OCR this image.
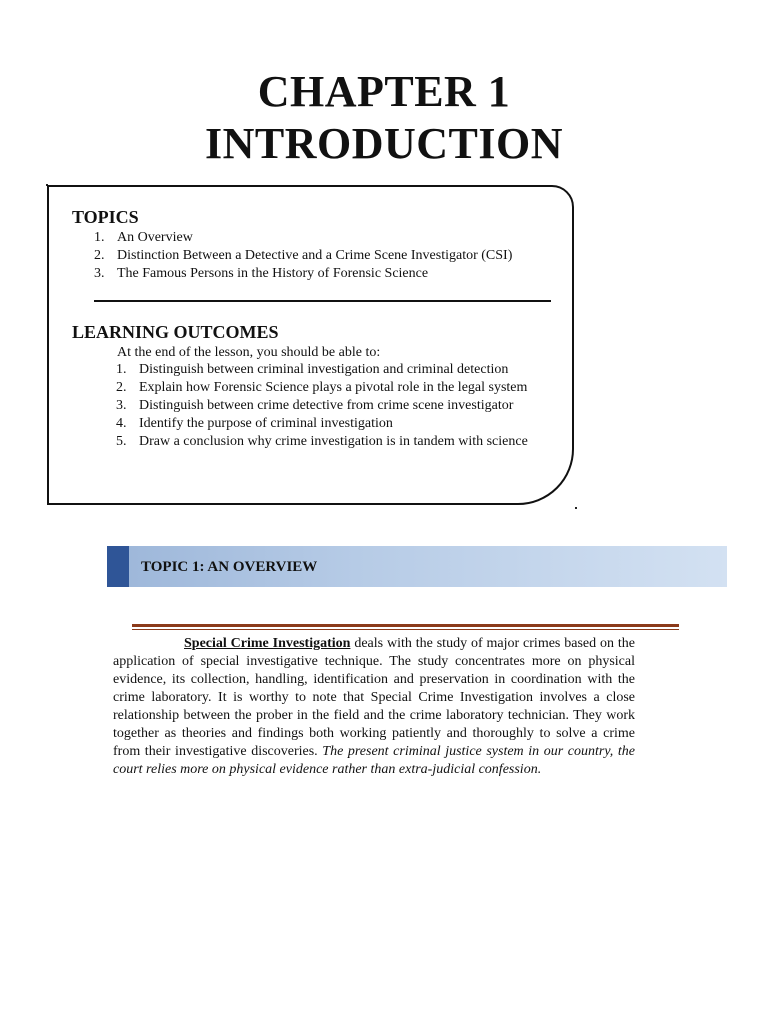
CHAPTER 1
INTRODUCTION
TOPICS
1. An Overview
2. Distinction Between a Detective and a Crime Scene Investigator (CSI)
3. The Famous Persons in the History of Forensic Science
LEARNING OUTCOMES
At the end of the lesson, you should be able to:
1. Distinguish between criminal investigation and criminal detection
2. Explain how Forensic Science plays a pivotal role in the legal system
3. Distinguish between crime detective from crime scene investigator
4. Identify the purpose of criminal investigation
5. Draw a conclusion why crime investigation is in tandem with science
TOPIC 1: AN OVERVIEW

Special Crime Investigation deals with the study of major crimes based on the application of special investigative technique. The study concentrates more on physical evidence, its collection, handling, identification and preservation in coordination with the crime laboratory. It is worthy to note that Special Crime Investigation involves a close relationship between the prober in the field and the crime laboratory technician. They work together as theories and findings both working patiently and thoroughly to solve a crime from their investigative discoveries. The present criminal justice system in our country, the court relies more on physical evidence rather than extra-judicial confession.
